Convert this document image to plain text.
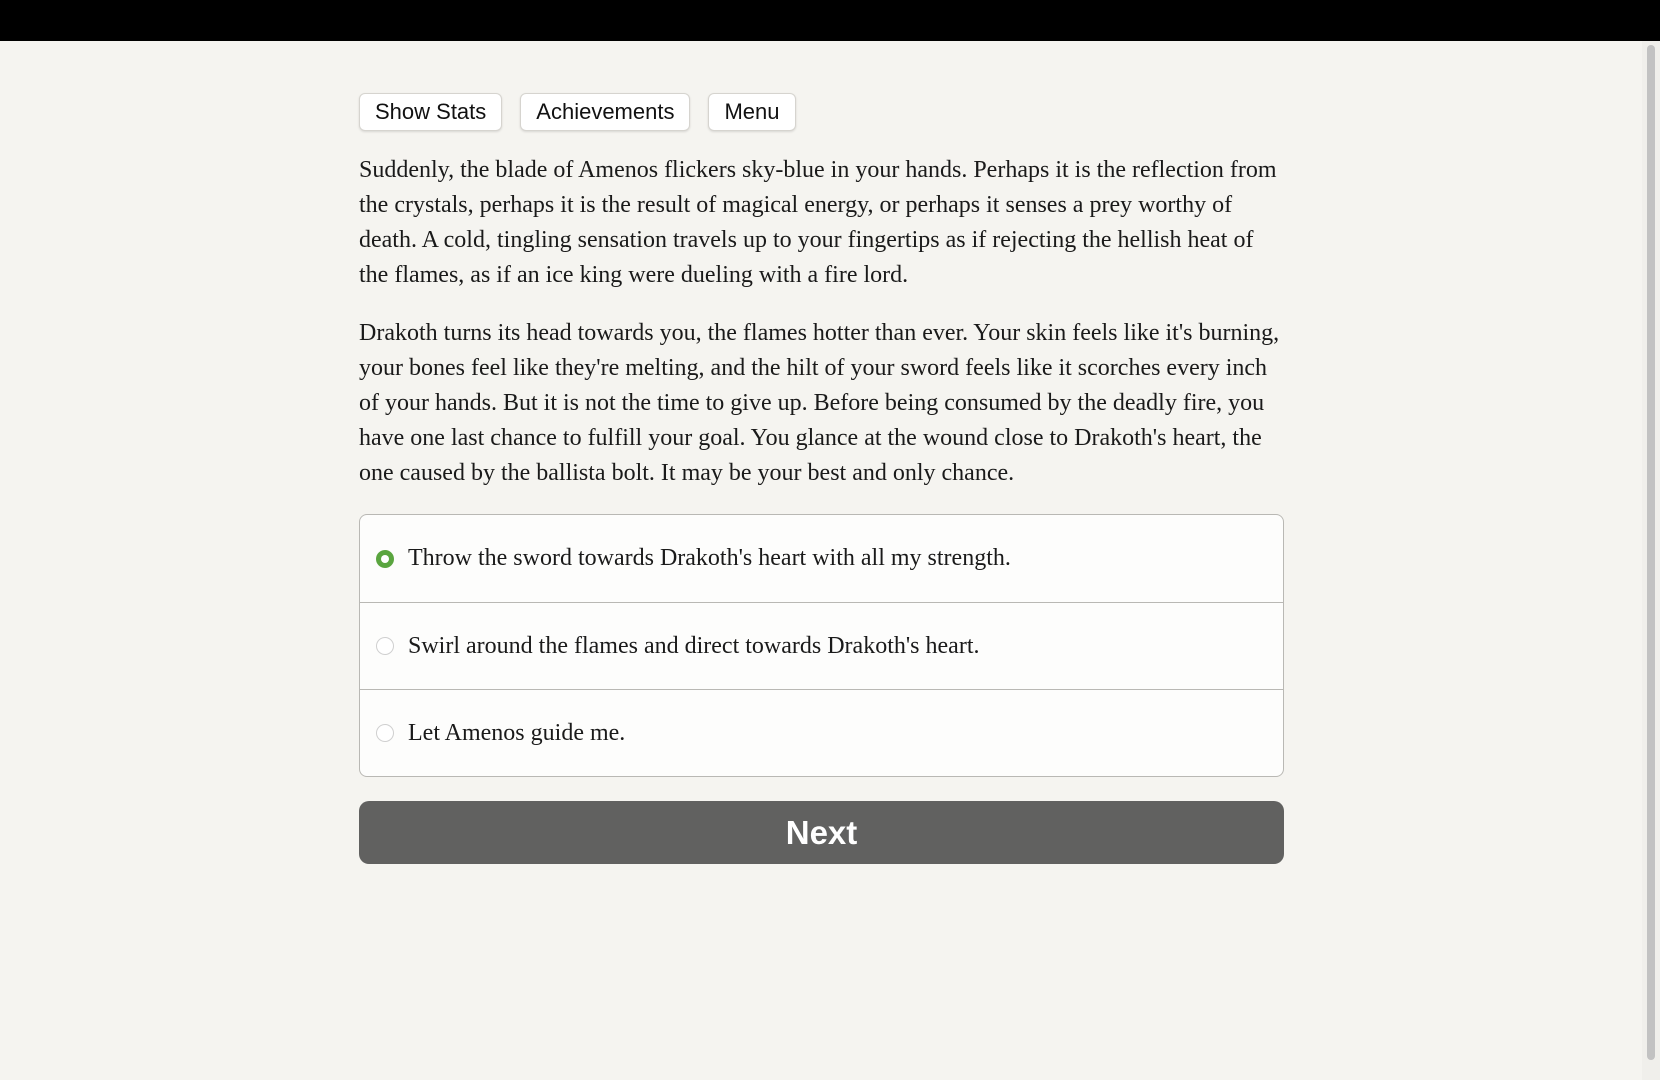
Show Stats	Achievements	Menu

Suddenly, the blade of Amenos flickers sky-blue in your hands. Perhaps it is the reflection from the crystals, perhaps it is the result of magical energy, or perhaps it senses a prey worthy of death. A cold, tingling sensation travels up to your fingertips as if rejecting the hellish heat of the flames, as if an ice king were dueling with a fire lord.

Drakoth turns its head towards you, the flames hotter than ever. Your skin feels like it's burning, your bones feel like they're melting, and the hilt of your sword feels like it scorches every inch of your hands. But it is not the time to give up. Before being consumed by the deadly fire, you have one last chance to fulfill your goal. You glance at the wound close to Drakoth's heart, the one caused by the ballista bolt. It may be your best and only chance.

Throw the sword towards Drakoth's heart with all my strength.
Swirl around the flames and direct towards Drakoth's heart.
Let Amenos guide me.
Next
